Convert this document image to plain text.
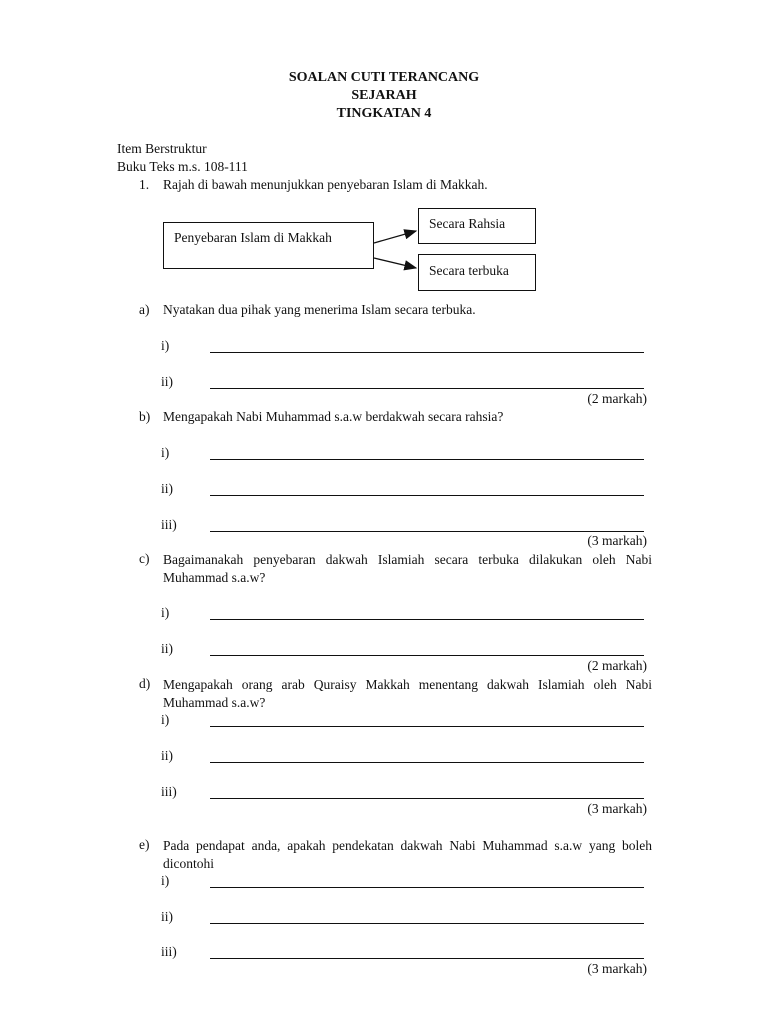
SOALAN CUTI TERANCANG
SEJARAH
TINGKATAN 4
Item Berstruktur
Buku Teks m.s. 108-111
1. Rajah di bawah menunjukkan penyebaran Islam di Makkah.
Penyebaran Islam di Makkah
Secara Rahsia
Secara terbuka
a) Nyatakan dua pihak yang menerima Islam secara terbuka.
i)
ii)
(2 markah)
b) Mengapakah Nabi Muhammad s.a.w berdakwah secara rahsia?
i)
ii)
iii)
(3 markah)
c) Bagaimanakah penyebaran dakwah Islamiah secara terbuka dilakukan oleh Nabi Muhammad s.a.w?
i)
ii)
(2 markah)
d) Mengapakah orang arab Quraisy Makkah menentang dakwah Islamiah oleh Nabi Muhammad s.a.w?
i)
ii)
iii)
(3 markah)
e) Pada pendapat anda, apakah pendekatan dakwah Nabi Muhammad s.a.w yang boleh dicontohi
i)
ii)
iii)
(3 markah)
